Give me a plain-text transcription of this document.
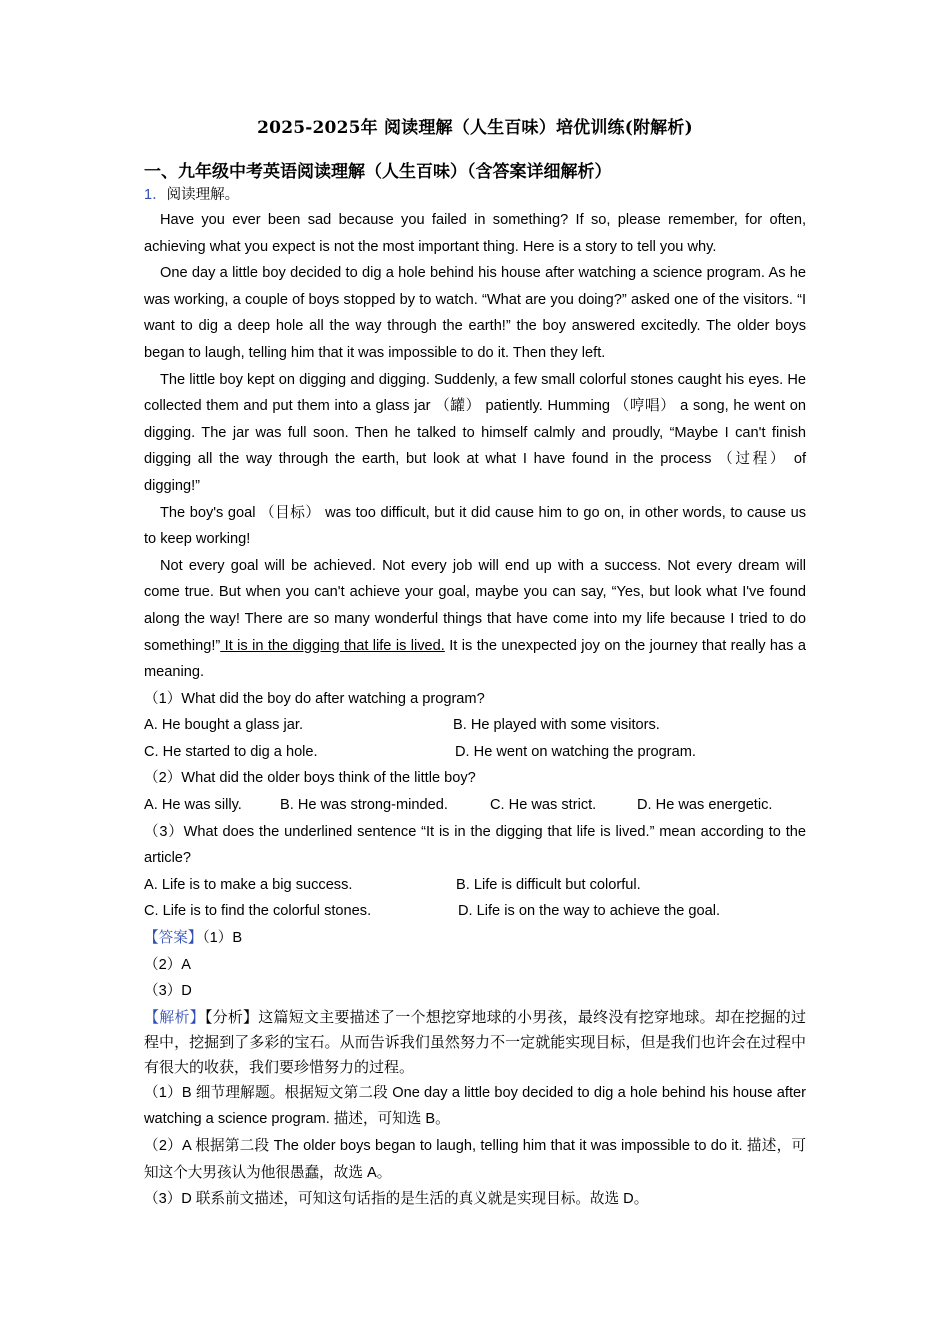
2025-2025年 阅读理解（人生百味）培优训练(附解析)
一、九年级中考英语阅读理解（人生百味）（含答案详细解析）
1．阅读理解。

Have you ever been sad because you failed in something? If so, please remember, for often, achieving what you expect is not the most important thing. Here is a story to tell you why.

One day a little boy decided to dig a hole behind his house after watching a science program. As he was working, a couple of boys stopped by to watch. “What are you doing?” asked one of the visitors. “I want to dig a deep hole all the way through the earth!” the boy answered excitedly. The older boys began to laugh, telling him that it was impossible to do it. Then they left.

The little boy kept on digging and digging. Suddenly, a few small colorful stones caught his eyes. He collected them and put them into a glass jar （罐） patiently. Humming （哼唱） a song, he went on digging. The jar was full soon. Then he talked to himself calmly and proudly, “Maybe I can't finish digging all the way through the earth, but look at what I have found in the process （过程） of digging!”

The boy's goal （目标） was too difficult, but it did cause him to go on, in other words, to cause us to keep working!

Not every goal will be achieved. Not every job will end up with a success. Not every dream will come true. But when you can't achieve your goal, maybe you can say, “Yes, but look what I've found along the way! There are so many wonderful things that have come into my life because I tried to do something!” It is in the digging that life is lived. It is the unexpected joy on the journey that really has a meaning.

（1）What did the boy do after watching a program?

A. He bought a glass jar.	B. He played with some visitors.
C. He started to dig a hole.	D. He went on watching the program.

（2）What did the older boys think of the little boy?

A. He was silly.	B. He was strong-minded.	C. He was strict.	D. He was energetic.

（3）What does the underlined sentence “It is in the digging that life is lived.” mean according to the article?

A. Life is to make a big success.	B. Life is difficult but colorful.
C. Life is to find the colorful stones.	D. Life is on the way to achieve the goal.

【答案】（1）B

（2）A

（3）D

【解析】【分析】这篇短文主要描述了一个想挖穿地球的小男孩，最终没有挖穿地球。却在挖掘的过程中，挖掘到了多彩的宝石。从而告诉我们虽然努力不一定就能实现目标，但是我们也许会在过程中有很大的收获，我们要珍惜努力的过程。

（1）B 细节理解题。根据短文第二段 One day a little boy decided to dig a hole behind his house after watching a science program. 描述，可知选 B。

（2）A 根据第二段 The older boys began to laugh, telling him that it was impossible to do it. 描述，可知这个大男孩认为他很愚蠢，故选 A。

（3）D 联系前文描述，可知这句话指的是生活的真义就是实现目标。故选 D。
